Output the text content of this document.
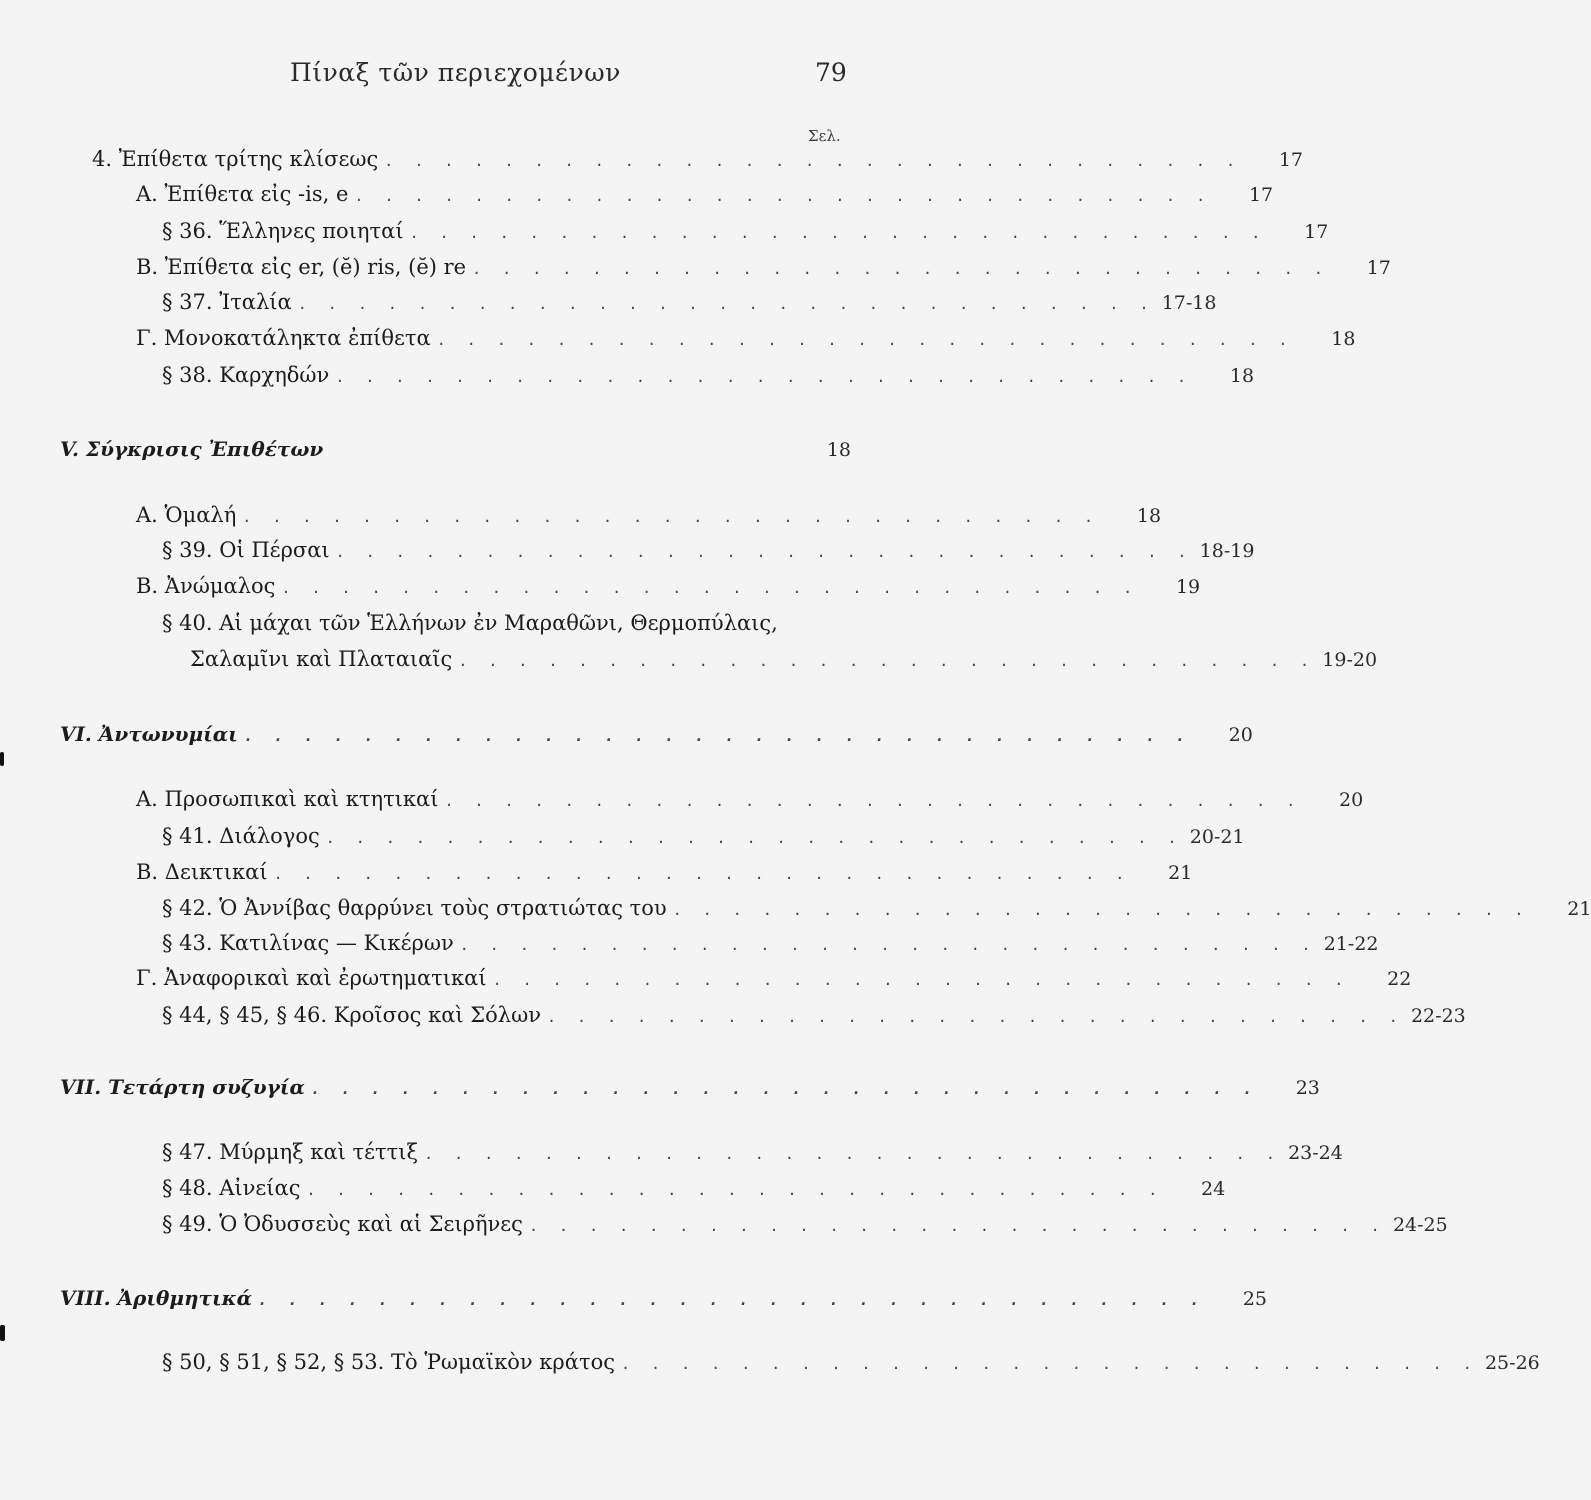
Πίναξ τῶν περιεχομένων	79
Σελ.
4. Ἐπίθετα τρίτης κλίσεως . . . . . . . . . . . . . . . . . . . . . . . . . . . . .	17
Α. Ἐπίθετα εἰς -is, e . . . . . . . . . . . . . . . . . . . . . . . . . . . . .	17
§ 36. Ἕλληνες ποιηταί . . . . . . . . . . . . . . . . . . . . . . . . . . . . .	17
Β. Ἐπίθετα εἰς er, (ĕ) ris, (ĕ) re . . . . . . . . . . . . . . . . . . . . . . . . . . . . .	17
§ 37. Ἰταλία . . . . . . . . . . . . . . . . . . . . . . . . . . . . . 17-18
Γ. Μονοκατάληκτα ἐπίθετα . . . . . . . . . . . . . . . . . . . . . . . . . . . . .	18
§ 38. Καρχηδών . . . . . . . . . . . . . . . . . . . . . . . . . . . . .	18
V. Σύγκρισις Ἐπιθέτων	18
Α. Ὁμαλή . . . . . . . . . . . . . . . . . . . . . . . . . . . . .	18
§ 39. Οἱ Πέρσαι . . . . . . . . . . . . . . . . . . . . . . . . . . . . . 18-19
Β. Ἀνώμαλος . . . . . . . . . . . . . . . . . . . . . . . . . . . . .	19
§ 40. Αἱ μάχαι τῶν Ἑλλήνων ἐν Μαραθῶνι, Θερμοπύλαις,
Σαλαμῖνι καὶ Πλαταιαῖς . . . . . . . . . . . . . . . . . . . . . . . . . . . . . 19-20
VI. Ἀντωνυμίαι . . . . . . . . . . . . . . . . . . . . . . . . . . . . . . . .	20
Α. Προσωπικαὶ καὶ κτητικαί . . . . . . . . . . . . . . . . . . . . . . . . . . . . .	20
§ 41. Διάλογος . . . . . . . . . . . . . . . . . . . . . . . . . . . . . 20-21
Β. Δεικτικαί . . . . . . . . . . . . . . . . . . . . . . . . . . . . .	21
§ 42. Ὁ Ἀννίβας θαρρύνει τοὺς στρατιώτας του . . . . . . . . . . . . . . . . . . . . . . . . . . . . .	21
§ 43. Κατιλίνας — Κικέρων . . . . . . . . . . . . . . . . . . . . . . . . . . . . . 21-22
Γ. Ἀναφορικαὶ καὶ ἐρωτηματικαί . . . . . . . . . . . . . . . . . . . . . . . . . . . . .	22
§ 44, § 45, § 46. Κροῖσος καὶ Σόλων . . . . . . . . . . . . . . . . . . . . . . . . . . . . . 22-23
VII. Τετάρτη συζυγία . . . . . . . . . . . . . . . . . . . . . . . . . . . . . . . .	23
§ 47. Μύρμηξ καὶ τέττιξ . . . . . . . . . . . . . . . . . . . . . . . . . . . . . 23-24
§ 48. Αἰνείας . . . . . . . . . . . . . . . . . . . . . . . . . . . . .	24
§ 49. Ὁ Ὀδυσσεὺς καὶ αἱ Σειρῆνες . . . . . . . . . . . . . . . . . . . . . . . . . . . . . 24-25
VIII. Ἀριθμητικά . . . . . . . . . . . . . . . . . . . . . . . . . . . . . . . .	25
§ 50, § 51, § 52, § 53. Τὸ Ῥωμαϊκὸν κράτος . . . . . . . . . . . . . . . . . . . . . . . . . . . . . 25-26
